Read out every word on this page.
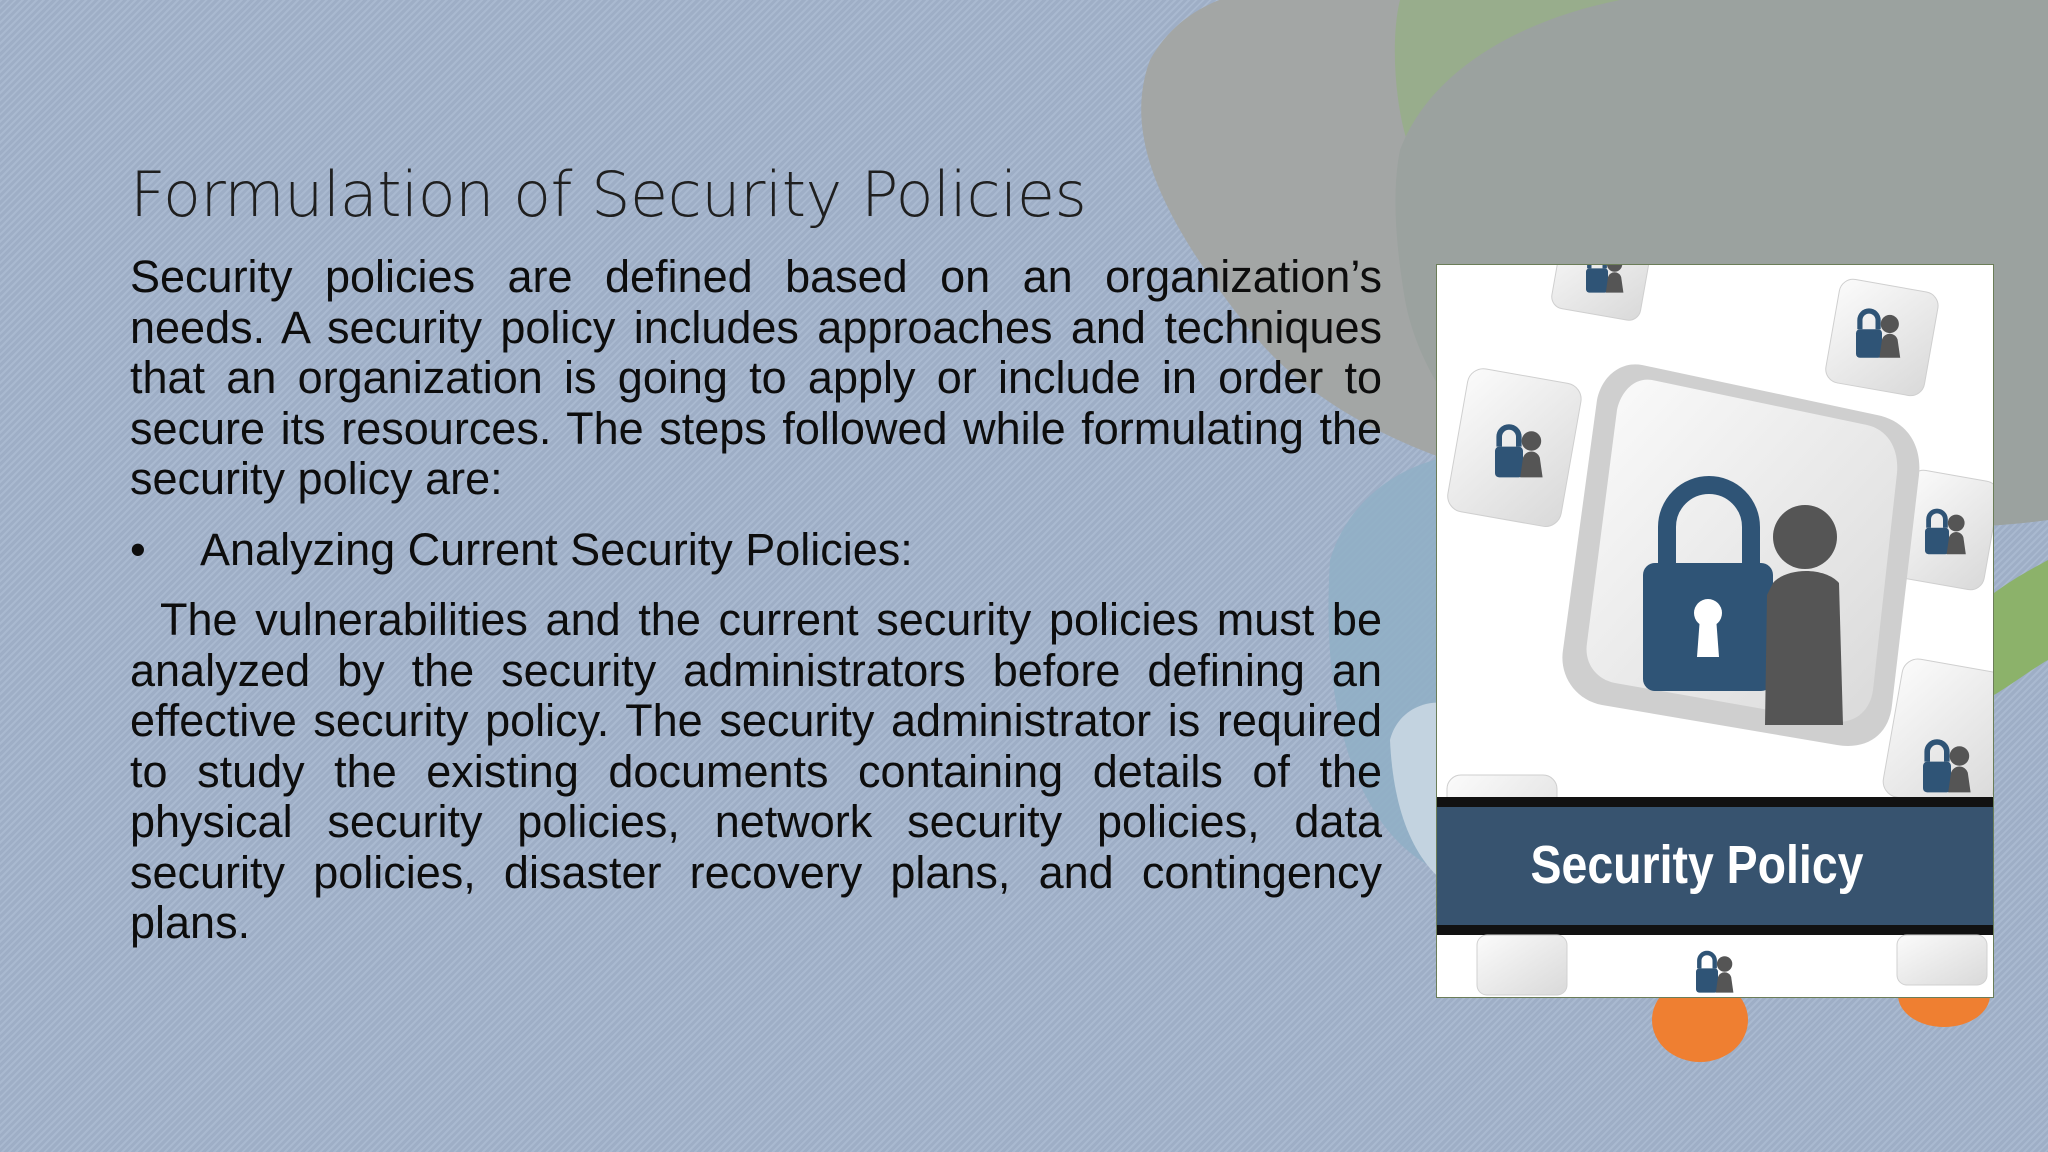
Formulation of Security Policies

Security policies are defined based on an organization’s needs. A security policy includes approaches and techniques that an organization is going to apply or include in order to secure its resources. The steps followed while formulating the security policy are:

•	Analyzing Current Security Policies:

The vulnerabilities and the current security policies must be analyzed by the security administrators before defining an effective security policy. The security administrator is required to study the existing documents containing details of the physical security policies, network security policies, data security policies, disaster recovery plans, and contingency plans.

Security Policy
